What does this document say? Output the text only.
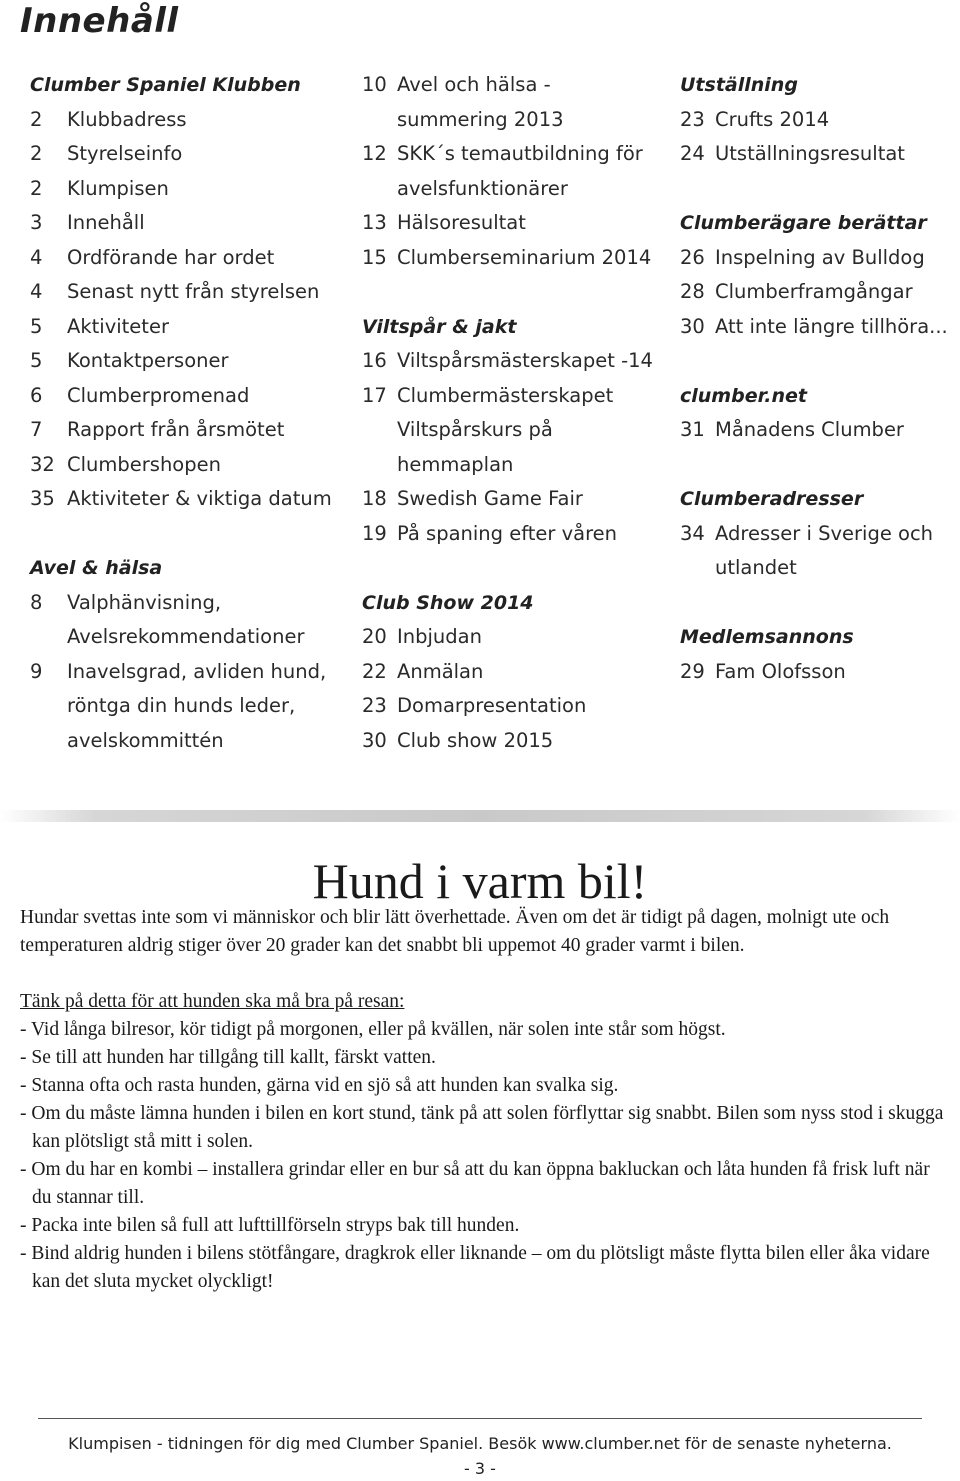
Innehåll
Clumber Spaniel Klubben
2	Klubbadress
2	Styrelseinfo
2	Klumpisen
3	Innehåll
4	Ordförande har ordet
4	Senast nytt från styrelsen
5	Aktiviteter
5	Kontaktpersoner
6	Clumberpromenad
7	Rapport från årsmötet
32 Clumbershopen
35 Aktiviteter & viktiga datum
Avel & hälsa
8	Valphänvisning, Avelsrekommendationer
9	Inavelsgrad, avliden hund, röntga din hunds leder, avelskommittén
10 Avel och hälsa - summering 2013
12 SKK´s temautbildning för avelsfunktionärer
13 Hälsoresultat
15 Clumberseminarium 2014
Viltspår & jakt
16 Viltspårsmästerskapet -14
17 Clumbermästerskapet Viltspårskurs på hemmaplan
18 Swedish Game Fair
19 På spaning efter våren
Club Show 2014
20 Inbjudan
22 Anmälan
23 Domarpresentation
30 Club show 2015
Utställning
23 Crufts 2014
24 Utställningsresultat
Clumberägare berättar
26 Inspelning av Bulldog
28 Clumberframgångar
30 Att inte längre tillhöra...
clumber.net
31 Månadens Clumber
Clumberadresser
34 Adresser i Sverige och utlandet
Medlemsannons
29 Fam Olofsson
Hund i varm bil!

Hundar svettas inte som vi människor och blir lätt överhettade. Även om det är tidigt på dagen, molnigt ute och temperaturen aldrig stiger över 20 grader kan det snabbt bli uppemot 40 grader varmt i bilen.

Tänk på detta för att hunden ska må bra på resan:

- Vid långa bilresor, kör tidigt på morgonen, eller på kvällen, när solen inte står som högst.

- Se till att hunden har tillgång till kallt, färskt vatten.

- Stanna ofta och rasta hunden, gärna vid en sjö så att hunden kan svalka sig.

- Om du måste lämna hunden i bilen en kort stund, tänk på att solen förflyttar sig snabbt. Bilen som nyss stod i skugga kan plötsligt stå mitt i solen.

- Om du har en kombi – installera grindar eller en bur så att du kan öppna bakluckan och låta hunden få frisk luft när du stannar till.

- Packa inte bilen så full att lufttillförseln stryps bak till hunden.

- Bind aldrig hunden i bilens stötfångare, dragkrok eller liknande – om du plötsligt måste flytta bilen eller åka vidare kan det sluta mycket olyckligt!

Klumpisen - tidningen för dig med Clumber Spaniel. Besök www.clumber.net för de senaste nyheterna.
- 3 -
